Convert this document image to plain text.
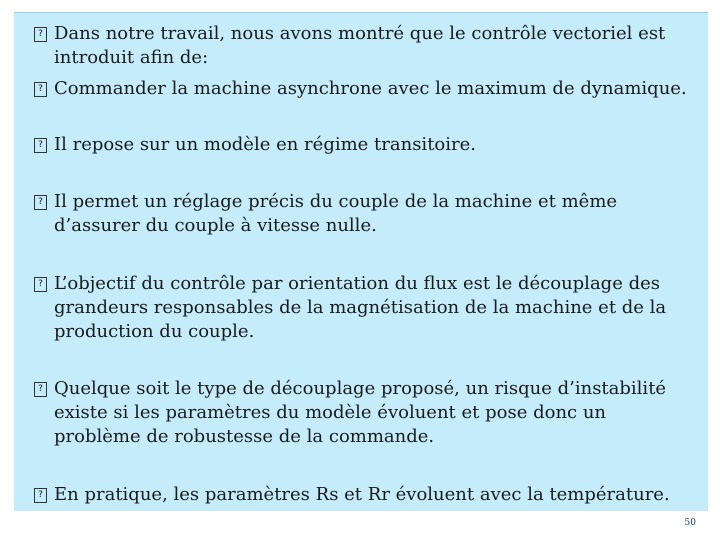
? Dans notre travail, nous avons montré que le contrôle vectoriel est
introduit afin de:
? Commander la machine asynchrone avec le maximum de dynamique.
? Il repose sur un modèle en régime transitoire.
? Il permet un réglage précis du couple de la machine et même
d’assurer du couple à vitesse nulle.
? L’objectif du contrôle par orientation du flux est le découplage des
grandeurs responsables de la magnétisation de la machine et de la
production du couple.
? Quelque soit le type de découplage proposé, un risque d’instabilité
existe si les paramètres du modèle évoluent et pose donc un
problème de robustesse de la commande.
? En pratique, les paramètres Rs et Rr évoluent avec la température.
50
